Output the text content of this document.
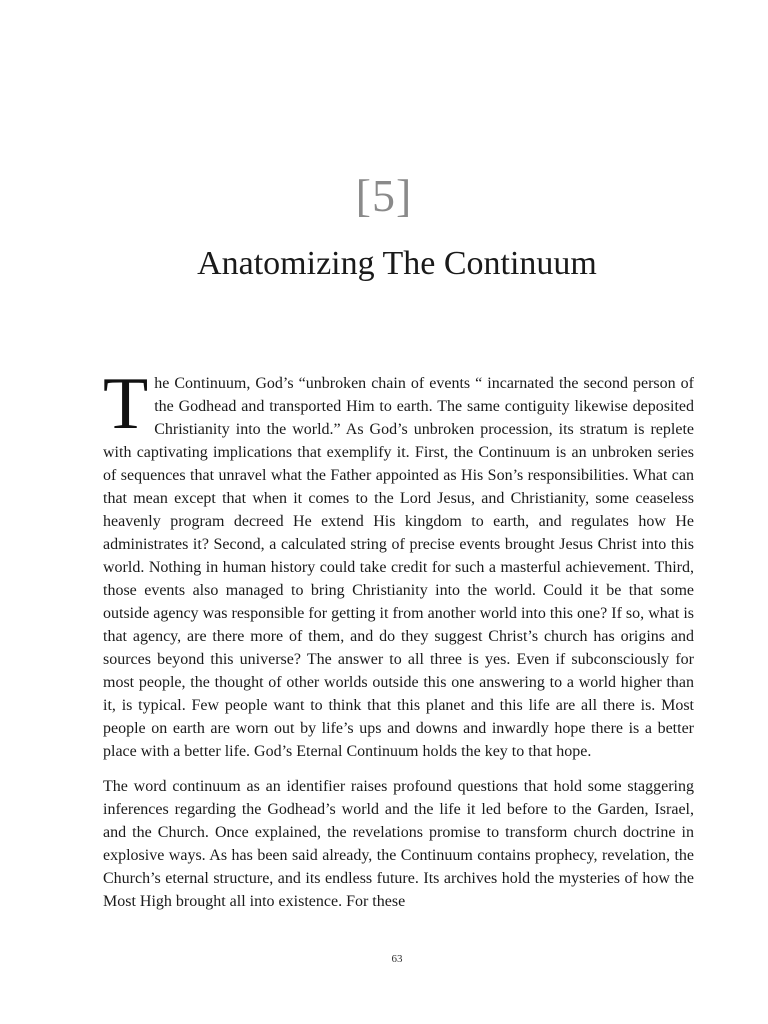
[5]
Anatomizing The Continuum

The Continuum, God’s “unbroken chain of events “ incarnated the second person of the Godhead and transported Him to earth. The same contiguity likewise deposited Christianity into the world.” As God’s unbroken procession, its stratum is replete with captivating implications that exemplify it. First, the Continuum is an unbroken series of sequences that unravel what the Father appointed as His Son’s responsibilities. What can that mean except that when it comes to the Lord Jesus, and Christianity, some ceaseless heavenly program decreed He extend His kingdom to earth, and regulates how He administrates it? Second, a calculated string of precise events brought Jesus Christ into this world. Nothing in human history could take credit for such a masterful achievement. Third, those events also managed to bring Christianity into the world. Could it be that some outside agency was responsible for getting it from another world into this one? If so, what is that agency, are there more of them, and do they suggest Christ’s church has origins and sources beyond this universe? The answer to all three is yes. Even if subconsciously for most people, the thought of other worlds outside this one answering to a world higher than it, is typical. Few people want to think that this planet and this life are all there is. Most people on earth are worn out by life’s ups and downs and inwardly hope there is a better place with a better life. God’s Eternal Continuum holds the key to that hope.

The word continuum as an identifier raises profound questions that hold some staggering inferences regarding the Godhead’s world and the life it led before to the Garden, Israel, and the Church. Once explained, the revelations promise to transform church doctrine in explosive ways. As has been said already, the Continuum contains prophecy, revelation, the Church’s eternal structure, and its endless future. Its archives hold the mysteries of how the Most High brought all into existence. For these

63
